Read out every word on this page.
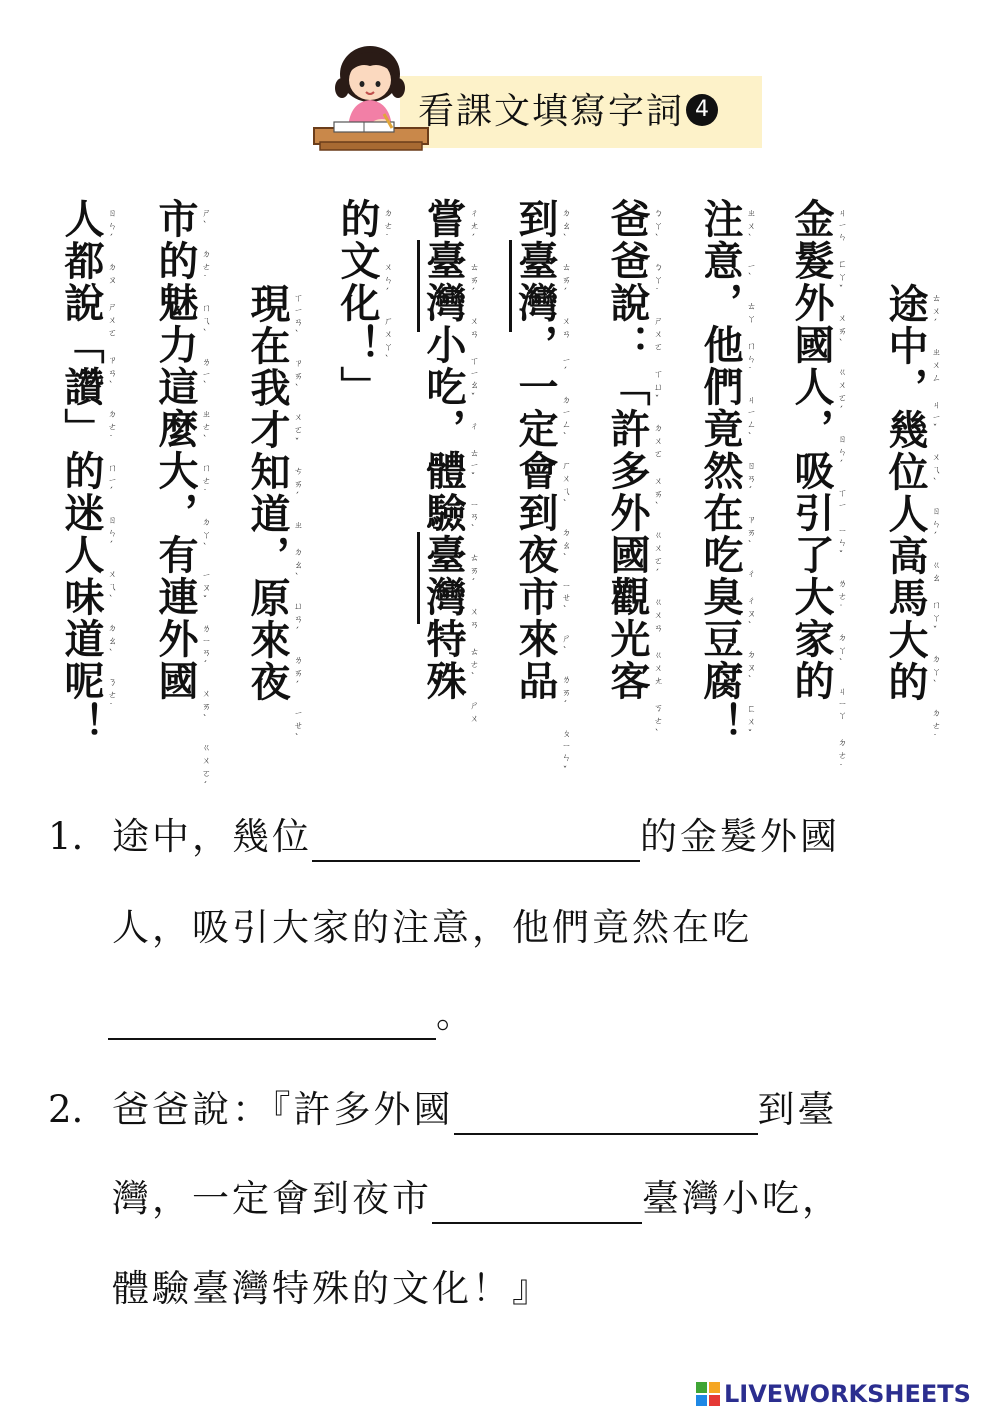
看課文填寫字詞 4
途中，幾位人高馬大的 ㄊㄨˊ ㄓㄨㄥ ㄐㄧˇ ㄨㄟˋ ㄖㄣˊ ㄍㄠ ㄇㄚˇ ㄉㄚˋ ㄉㄜ˙
金髮外國人，吸引了大家的 ㄐㄧㄣ ㄈㄚˇ ㄨㄞˋ ㄍㄨㄛˊ ㄖㄣˊ ㄒㄧ ㄧㄣˇ ㄌㄜ˙ ㄉㄚˋ ㄐㄧㄚ ㄉㄜ˙
注意，他們竟然在吃臭豆腐！ ㄓㄨˋ ㄧˋ ㄊㄚ ㄇㄣ˙ ㄐㄧㄥˋ ㄖㄢˊ ㄗㄞˋ ㄔ ㄔㄡˋ ㄉㄡˋ ㄈㄨˇ
爸爸說：「許多外國觀光客 ㄅㄚˋ ㄅㄚ˙ ㄕㄨㄛ ㄒㄩˇ ㄉㄨㄛ ㄨㄞˋ ㄍㄨㄛˊ ㄍㄨㄢ ㄍㄨㄤ ㄎㄜˋ
到臺灣，一定會到夜市來品 ㄉㄠˋ ㄊㄞˊ ㄨㄢ ㄧˊ ㄉㄧㄥˋ ㄏㄨㄟˋ ㄉㄠˋ ㄧㄝˋ ㄕˋ ㄌㄞˊ ㄆㄧㄣˇ
嘗臺灣小吃，體驗臺灣特殊 ㄔㄤˊ ㄊㄞˊ ㄨㄢ ㄒㄧㄠˇ ㄔ ㄊㄧˇ ㄧㄢˋ ㄊㄞˊ ㄨㄢ ㄊㄜˋ ㄕㄨ
的文化！」 ㄉㄜ˙ ㄨㄣˊ ㄏㄨㄚˋ
現在我才知道，原來夜 ㄒㄧㄢˋ ㄗㄞˋ ㄨㄛˇ ㄘㄞˊ ㄓ ㄉㄠˋ ㄩㄢˊ ㄌㄞˊ ㄧㄝˋ
市的魅力這麼大，有連外國 ㄕˋ ㄉㄜ˙ ㄇㄟˋ ㄌㄧˋ ㄓㄜˋ ㄇㄜ˙ ㄉㄚˋ ㄧㄡˇ ㄌㄧㄢˊ ㄨㄞˋ ㄍㄨㄛˊ
人都說「讚」的迷人味道呢！ ㄖㄣˊ ㄉㄡ ㄕㄨㄛ ㄗㄢˋ ㄉㄜ˙ ㄇㄧˊ ㄖㄣˊ ㄨㄟˋ ㄉㄠˋ ㄋㄜ˙
1. 途中，幾位	的金髮外國
人，吸引大家的注意，他們竟然在吃
。
2. 爸爸說：『許多外國	到臺
灣，一定會到夜市	臺灣小吃，
體驗臺灣特殊的文化！』
LIVEWORKSHEETS
